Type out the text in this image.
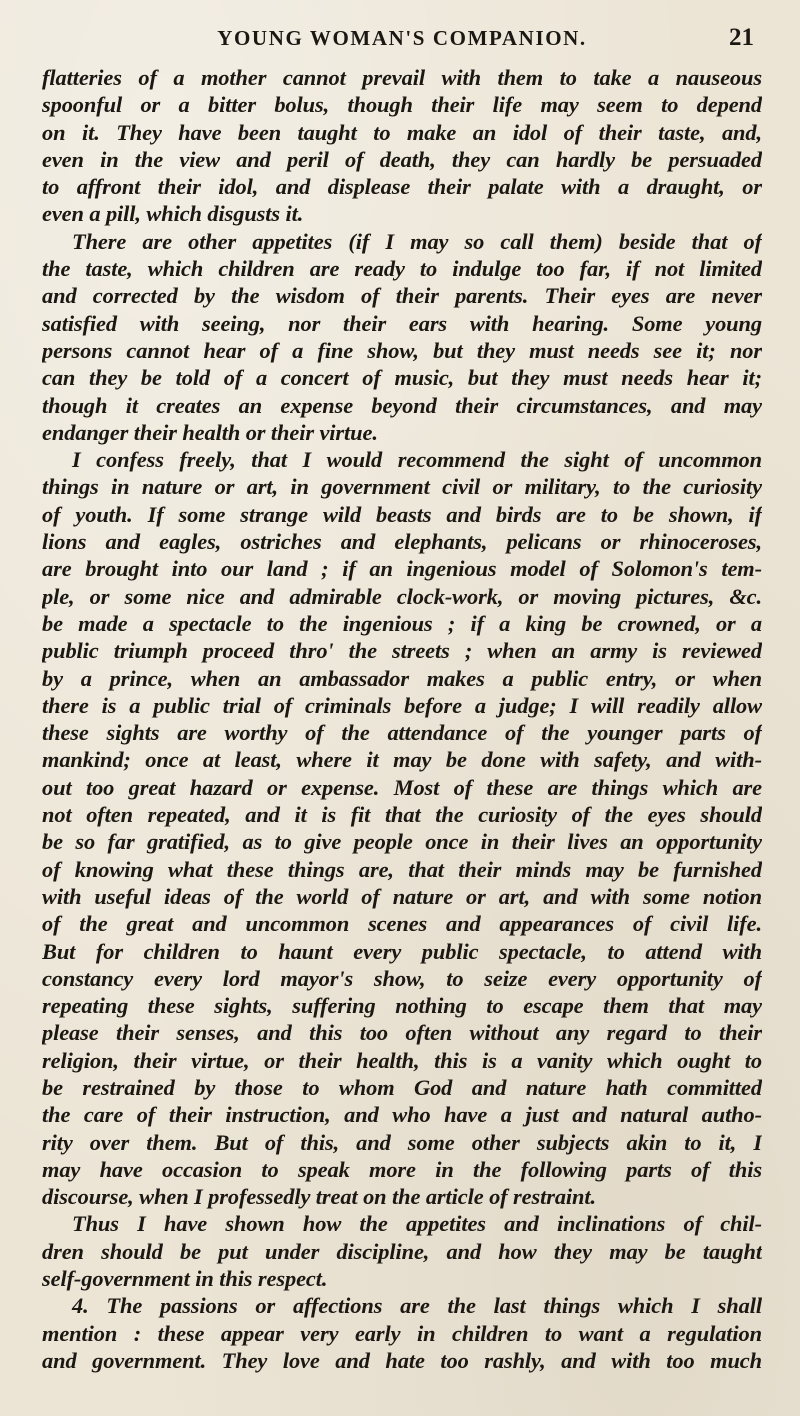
YOUNG WOMAN'S COMPANION.	21
flatteries of a mother cannot prevail with them to take a nauseous
spoonful or a bitter bolus, though their life may seem to depend
on it. They have been taught to make an idol of their taste, and,
even in the view and peril of death, they can hardly be persuaded
to affront their idol, and displease their palate with a draught, or
even a pill, which disgusts it.
There are other appetites (if I may so call them) beside that of
the taste, which children are ready to indulge too far, if not limited
and corrected by the wisdom of their parents. Their eyes are never
satisfied with seeing, nor their ears with hearing. Some young
persons cannot hear of a fine show, but they must needs see it; nor
can they be told of a concert of music, but they must needs hear it;
though it creates an expense beyond their circumstances, and may
endanger their health or their virtue.
I confess freely, that I would recommend the sight of uncommon
things in nature or art, in government civil or military, to the curiosity
of youth. If some strange wild beasts and birds are to be shown, if
lions and eagles, ostriches and elephants, pelicans or rhinoceroses,
are brought into our land ; if an ingenious model of Solomon's tem-
ple, or some nice and admirable clock-work, or moving pictures, &c.
be made a spectacle to the ingenious ; if a king be crowned, or a
public triumph proceed thro' the streets ; when an army is reviewed
by a prince, when an ambassador makes a public entry, or when
there is a public trial of criminals before a judge; I will readily allow
these sights are worthy of the attendance of the younger parts of
mankind; once at least, where it may be done with safety, and with-
out too great hazard or expense. Most of these are things which are
not often repeated, and it is fit that the curiosity of the eyes should
be so far gratified, as to give people once in their lives an opportunity
of knowing what these things are, that their minds may be furnished
with useful ideas of the world of nature or art, and with some notion
of the great and uncommon scenes and appearances of civil life.
But for children to haunt every public spectacle, to attend with
constancy every lord mayor's show, to seize every opportunity of
repeating these sights, suffering nothing to escape them that may
please their senses, and this too often without any regard to their
religion, their virtue, or their health, this is a vanity which ought to
be restrained by those to whom God and nature hath committed
the care of their instruction, and who have a just and natural autho-
rity over them. But of this, and some other subjects akin to it, I
may have occasion to speak more in the following parts of this
discourse, when I professedly treat on the article of restraint.
Thus I have shown how the appetites and inclinations of chil-
dren should be put under discipline, and how they may be taught
self-government in this respect.
4. The passions or affections are the last things which I shall
mention : these appear very early in children to want a regulation
and government. They love and hate too rashly, and with too much
